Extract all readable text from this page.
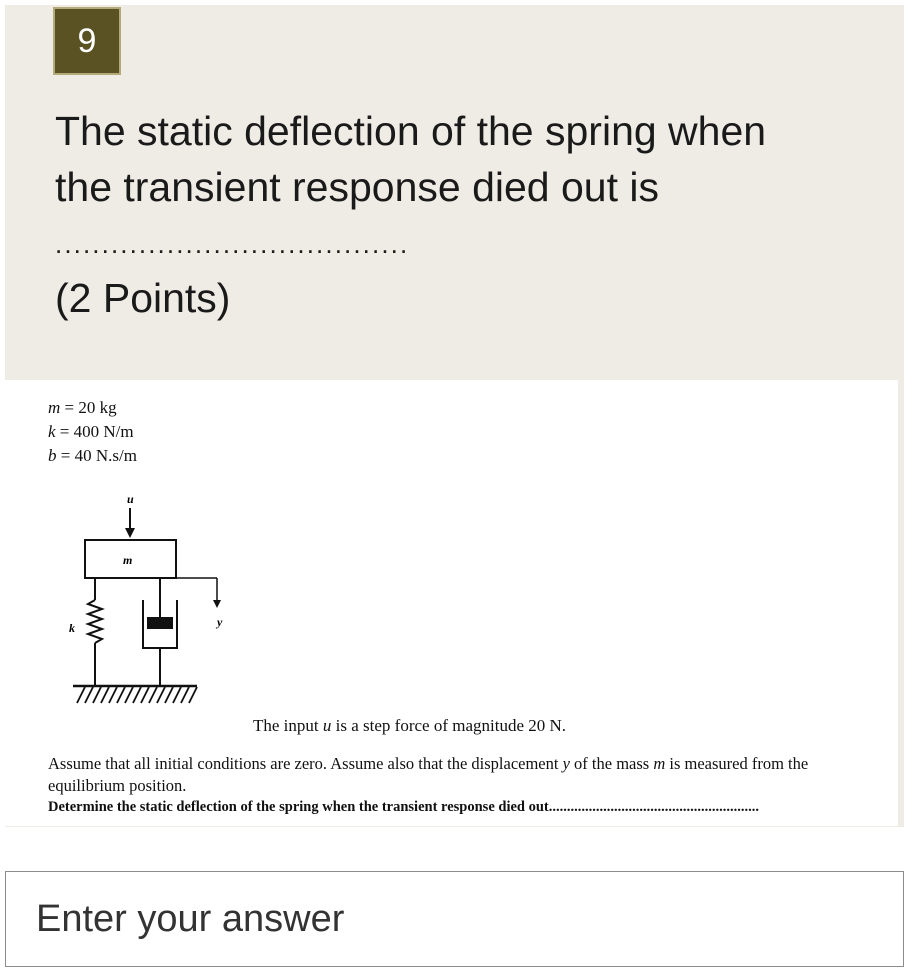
9
The static deflection of the spring when
the transient response died out is
......................................
(2 Points)
m = 20 kg
k = 400 N/m
b = 40 N.s/m
u
m
y
k
The input u is a step force of magnitude 20 N.
Assume that all initial conditions are zero. Assume also that the displacement y of the mass m is measured from the equilibrium position.
Determine the static deflection of the spring when the transient response died out..........................................................
Enter your answer
